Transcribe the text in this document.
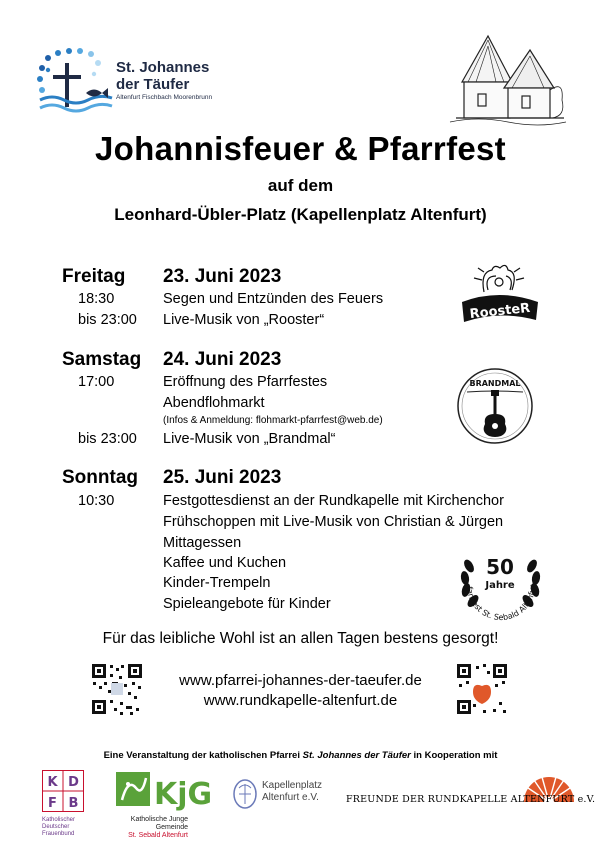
St. Johannes
der Täufer
Altenfurt Fischbach Moorenbrunn
Johannisfeuer & Pfarrfest
auf dem
Leonhard-Übler-Platz (Kapellenplatz Altenfurt)
Freitag 23. Juni 2023
18:30	Segen und Entzünden des Feuers
bis 23:00 Live-Musik von „Rooster“
Samstag 24. Juni 2023
17:00	Eröffnung des Pfarrfestes
Abendflohmarkt
(Infos & Anmeldung: flohmarkt-pfarrfest@web.de)
bis 23:00 Live-Musik von „Brandmal“
Sonntag 25. Juni 2023
10:30	Festgottesdienst an der Rundkapelle mit Kirchenchor
Frühschoppen mit Live-Musik von Christian & Jürgen
Mittagessen
Kaffee und Kuchen
Kinder-Trempeln
Spieleangebote für Kinder
RoosteR
BRANDMAL
50
Jahre
farrfest St. Sebald Altenfur
Für das leibliche Wohl ist an allen Tagen bestens gesorgt!
www.pfarrei-johannes-der-taeufer.de
www.rundkapelle-altenfurt.de
Eine Veranstaltung der katholischen Pfarrei St. Johannes der Täufer in Kooperation mit
K D
F B
Katholischer
Deutscher
Frauenbund
KjG
Katholische Junge
Gemeinde
St. Sebald Altenfurt
Kapellenplatz
Altenfurt e.V.	FREUNDE DER RUNDKAPELLE ALTENFURT e.V.
